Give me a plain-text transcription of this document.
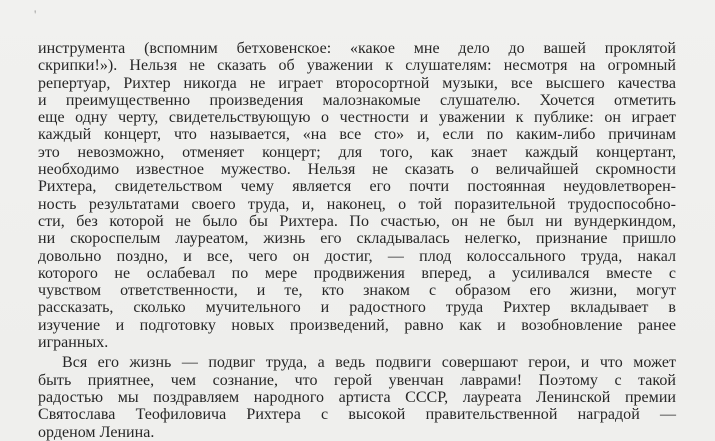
'
инструмента (вспомним бетховенское: «какое мне дело до вашей проклятой
скрипки!»). Нельзя не сказать об уважении к слушателям: несмотря на огромный
репертуар, Рихтер никогда не играет второсортной музыки, все высшего качества
и преимущественно произведения малознакомые слушателю. Хочется отметить
еще одну черту, свидетельствующую о честности и уважении к публике: он играет
каждый концерт, что называется, «на все сто» и, если по каким-либо причинам
это невозможно, отменяет концерт; для того, как знает каждый концертант,
необходимо известное мужество. Нельзя не сказать о величайшей скромности
Рихтера, свидетельством чему является его почти постоянная неудовлетворен-
ность результатами своего труда, и, наконец, о той поразительной трудоспособно-
сти, без которой не было бы Рихтера. По счастью, он не был ни вундеркиндом,
ни скороспелым лауреатом, жизнь его складывалась нелегко, признание пришло
довольно поздно, и все, чего он достиг, — плод колоссального труда, накал
которого не ослабевал по мере продвижения вперед, а усиливался вместе с
чувством ответственности, и те, кто знаком с образом его жизни, могут
рассказать, сколько мучительного и радостного труда Рихтер вкладывает в
изучение и подготовку новых произведений, равно как и возобновление ранее
игранных.
Вся его жизнь — подвиг труда, а ведь подвиги совершают герои, и что может
быть приятнее, чем сознание, что герой увенчан лаврами! Поэтому с такой
радостью мы поздравляем народного артиста СССР, лауреата Ленинской премии
Святослава Теофиловича Рихтера с высокой правительственной наградой —
орденом Ленина.
